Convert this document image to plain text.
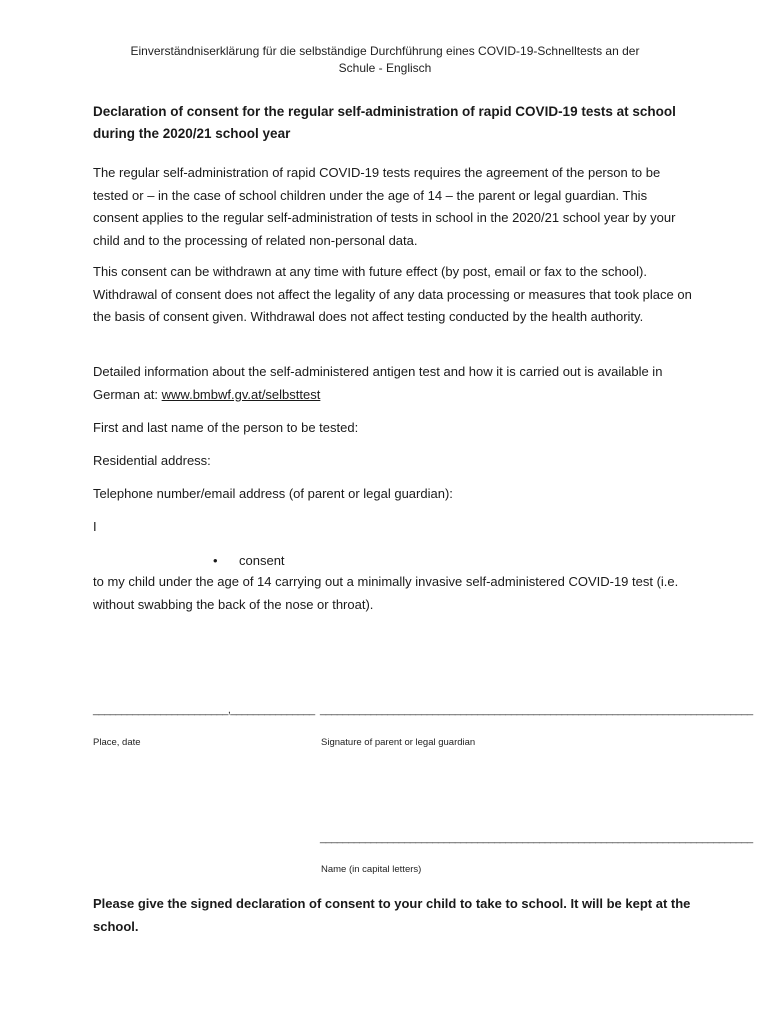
Einverständniserklärung für die selbständige Durchführung eines COVID-19-Schnelltests an der
Schule - Englisch
Declaration of consent for the regular self-administration of rapid COVID-19 tests at school during the 2020/21 school year
The regular self-administration of rapid COVID-19 tests requires the agreement of the person to be tested or – in the case of school children under the age of 14 – the parent or legal guardian. This consent applies to the regular self-administration of tests in school in the 2020/21 school year by your child and to the processing of related non-personal data.
This consent can be withdrawn at any time with future effect (by post, email or fax to the school). Withdrawal of consent does not affect the legality of any data processing or measures that took place on the basis of consent given. Withdrawal does not affect testing conducted by the health authority.
Detailed information about the self-administered antigen test and how it is carried out is available in German at: www.bmbwf.gv.at/selbsttest
First and last name of the person to be tested:
Residential address:
Telephone number/email address (of parent or legal guardian):
I
• consent
to my child under the age of 14 carrying out a minimally invasive self-administered COVID-19 test (i.e. without swabbing the back of the nose or throat).
________________________,_______________ _____________________________________________________________________________
Place, date	Signature of parent or legal guardian
_____________________________________________________________________________
Name (in capital letters)
Please give the signed declaration of consent to your child to take to school. It will be kept at the school.
